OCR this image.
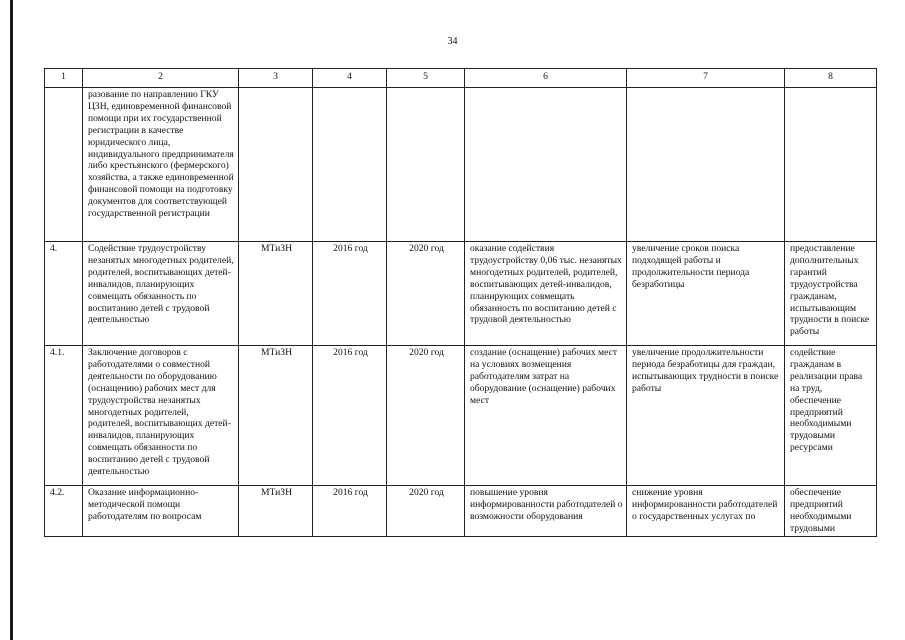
34
1	2	3	4	5	6	7	8
	разование по направлению ГКУ ЦЗН, единовременной финансовой помощи при их государственной регистрации в качестве юридического лица, индивидуального предпринимателя либо крестьянского (фермерского) хозяйства, а также единовременной финансовой помощи на подготовку документов для соответствующей государственной регистрации						
4.	Содействие трудоустройству незанятых многодетных родителей, родителей, воспитывающих детей-инвалидов, планирующих совмещать обязанность по воспитанию детей с трудовой деятельностью	МТиЗН	2016 год	2020 год	оказание содействия трудоустройству 0,06 тыс. незанятых многодетных родителей, родителей, воспитывающих детей-инвалидов, планирующих совмещать обязанность по воспитанию детей с трудовой деятельностью	увеличение сроков поиска подходящей работы и продолжительности периода безработицы	предоставление дополнительных гарантий трудоустройства гражданам, испытывающим трудности в поиске работы
4.1.	Заключение договоров с работодателями о совместной деятельности по оборудованию (оснащению) рабочих мест для трудоустройства незанятых многодетных родителей, родителей, воспитывающих детей-инвалидов, планирующих совмещать обязанности по воспитанию детей с трудовой деятельностью	МТиЗН	2016 год	2020 год	создание (оснащение) рабочих мест на условиях возмещения работодателям затрат на оборудование (оснащение) рабочих мест	увеличение продолжительности периода безработицы для граждан, испытывающих трудности в поиске работы	содействие гражданам в реализации права на труд, обеспечение предприятий необходимыми трудовыми ресурсами
4.2.	Оказание информационно-методической помощи работодателям по вопросам	МТиЗН	2016 год	2020 год	повышение уровня информированности работодателей о возможности оборудования	снижение уровня информированности работодателей о государственных услугах по	обеспечение предприятий необходимыми трудовыми
